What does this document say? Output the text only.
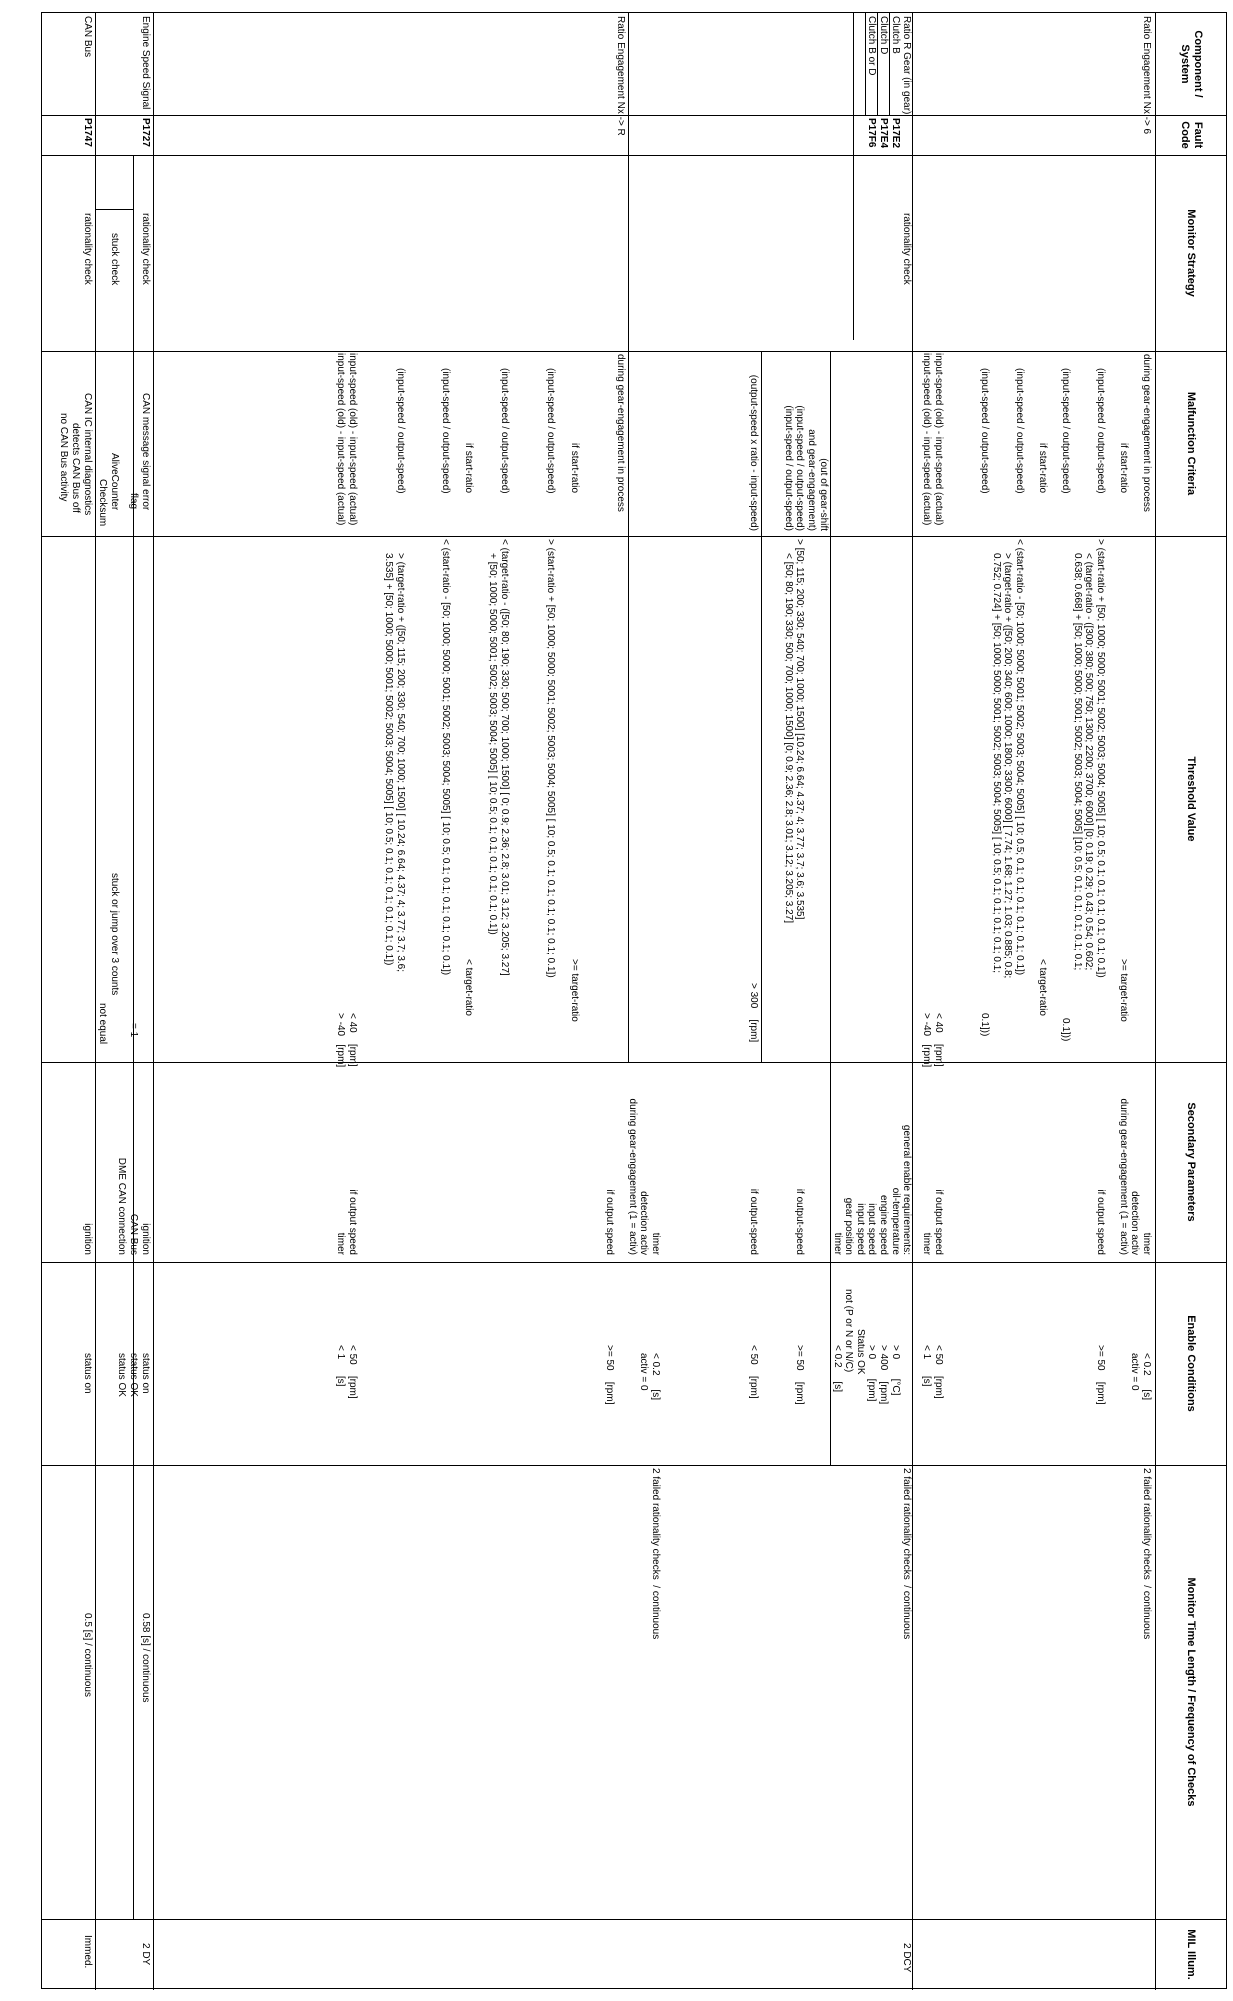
Component / System
Fault Code
Monitor Strategy
Malfunction Criteria
Threshold Value
Secondary Parameters
Enable Conditions
Monitor Time Length / Frequency of Checks
MIL Illum.
Ratio Engagement Nx -> 6
during gear-engagement in process
if start-ratio
(input-speed / output-speed)
(input-speed / output-speed)
if start-ratio
(input-speed / output-speed)
(input-speed / output-speed)
input-speed (old) - input-speed (actual)
input-speed (old) - input-speed (actual)
>= target-ratio
> (start-ratio + [50; 1000; 5000; 5001; 5002; 5003; 5004; 5005] [ 10; 0.5; 0.1; 0.1; 0.1; 0.1; 0.1; 0.1])
< (target-ratio - ([300; 380; 500; 750; 1300; 2200; 3700; 6000] [0; 0.19; 0.29; 0.43; 0.54; 0.602;
0.638; 0.668] + [50; 1000; 5000; 5001; 5002; 5003; 5004; 5005] [10; 0.5; 0.1; 0.1; 0.1; 0.1; 0.1;
0.1]))
< target-ratio
< (start-ratio - [50; 1000; 5000; 5001; 5002; 5003; 5004; 5005] [ 10; 0.5; 0.1; 0.1; 0.1; 0.1; 0.1; 0.1])
> (target-ratio + ([50; 200; 340; 600; 1000; 1800; 3300; 6000] [ 7.74; 1.68; 1.27; 1.03; 0.885; 0.8;
0.752; 0.724] + [50; 1000; 5000; 5001; 5002; 5003; 5004; 5005] [ 10; 0.5; 0.1; 0.1; 0.1; 0.1; 0.1;
0.1]))
< 40    [rpm]
> -40   [rpm]
timer
detection activ
during gear-engagement (1 = activ)
if output speed
if output speed
timer
< 0.2     [s]
activ = 0
>= 50    [rpm]
< 50    [rpm]
< 1      [s]
2 failed rationality checks  / continuous
Ratio R Gear (in gear)
Clutch B
Clutch D
Clutch B or D
P17E2
P17E4
P17F6
rationality check
(out of gear-shift
and gear-engagement)
(input-speed / output-speed)
(input-speed / output-speed)
(output-speed x ratio - input-speed)
> [50; 115; 200; 330; 540; 700; 1000; 1500] [10.24; 6.64; 4.37; 4; 3.77; 3.7; 3.6; 3.535]
< [50; 80; 190; 330; 500; 700; 1000; 1500] [0; 0.9; 2.36; 2.8; 3.01; 3.12; 3.205; 3.27]
> 300    [rpm]
general enable requirements:
oil-temperature
engine speed
input speed
input speed
gear position
timer
if output-speed
if output-speed
> 0       [°C]
> 400    [rpm]
> 0       [rpm]
Status OK
not (P or N or N/C)
< 0.2     [s]
>= 50    [rpm]
< 50    [rpm]
2 failed rationality checks  / continuous
2 DCY
Ratio Engagement Nx -> R
during gear-engagement in process
if start-ratio
(input-speed / output-speed)
(input-speed / output-speed)
if start-ratio
(input-speed / output-speed)
(input-speed / output-speed)
input-speed (old) - input-speed (actual)
input-speed (old) - input-speed (actual)
>= target-ratio
> (start-ratio + [50; 1000; 5000; 5001; 5002; 5003; 5004; 5005] [ 10; 0.5; 0.1; 0.1; 0.1; 0.1; 0.1; 0.1])
< (target-ratio - ([50; 80; 190; 330; 500; 700; 1000; 1500] [ 0; 0.9; 2.36; 2.8; 3.01; 3.12; 3.205; 3.27]
+ [50; 1000; 5000; 5001; 5002; 5003; 5004; 5005] [ 10; 0.5; 0.1; 0.1; 0.1; 0.1; 0.1; 0.1])
< target-ratio
< (start-ratio - [50; 1000; 5000; 5001; 5002; 5003; 5004; 5005] [ 10; 0.5; 0.1; 0.1; 0.1; 0.1; 0.1; 0.1])
> (target-ratio + ([50; 115; 200; 330; 540; 700; 1000; 1500] [ 10.24; 6.64; 4.37; 4; 3.77; 3.7; 3.6;
3.535] + [50; 1000; 5000; 5001; 5002; 5003; 5004; 5005] [ 10; 0.5; 0.1; 0.1; 0.1; 0.1; 0.1; 0.1])
< 40    [rpm]
> -40   [rpm]
timer
detection activ
during gear-engagement (1 = activ)
if output speed
if output speed
timer
< 0.2     [s]
activ = 0
>= 50    [rpm]
< 50    [rpm]
< 1      [s]
2 failed rationality checks  / continuous
Engine Speed Signal
P1727
rationality check
stuck check
CAN message signal error
flag
AliveCounter
Checksum
= 1
stuck or jump over 3 counts
not equal
ignition
CAN Bus
DME CAN connection
status on
status OK
status OK
0.58 [s] / continuous
2 DY
CAN Bus
P1747
rationality check
CAN IC internal diagnostics
detects CAN Bus off
no CAN Bus activity
ignition
status on
0.5 [s] / continuous
Immed.
